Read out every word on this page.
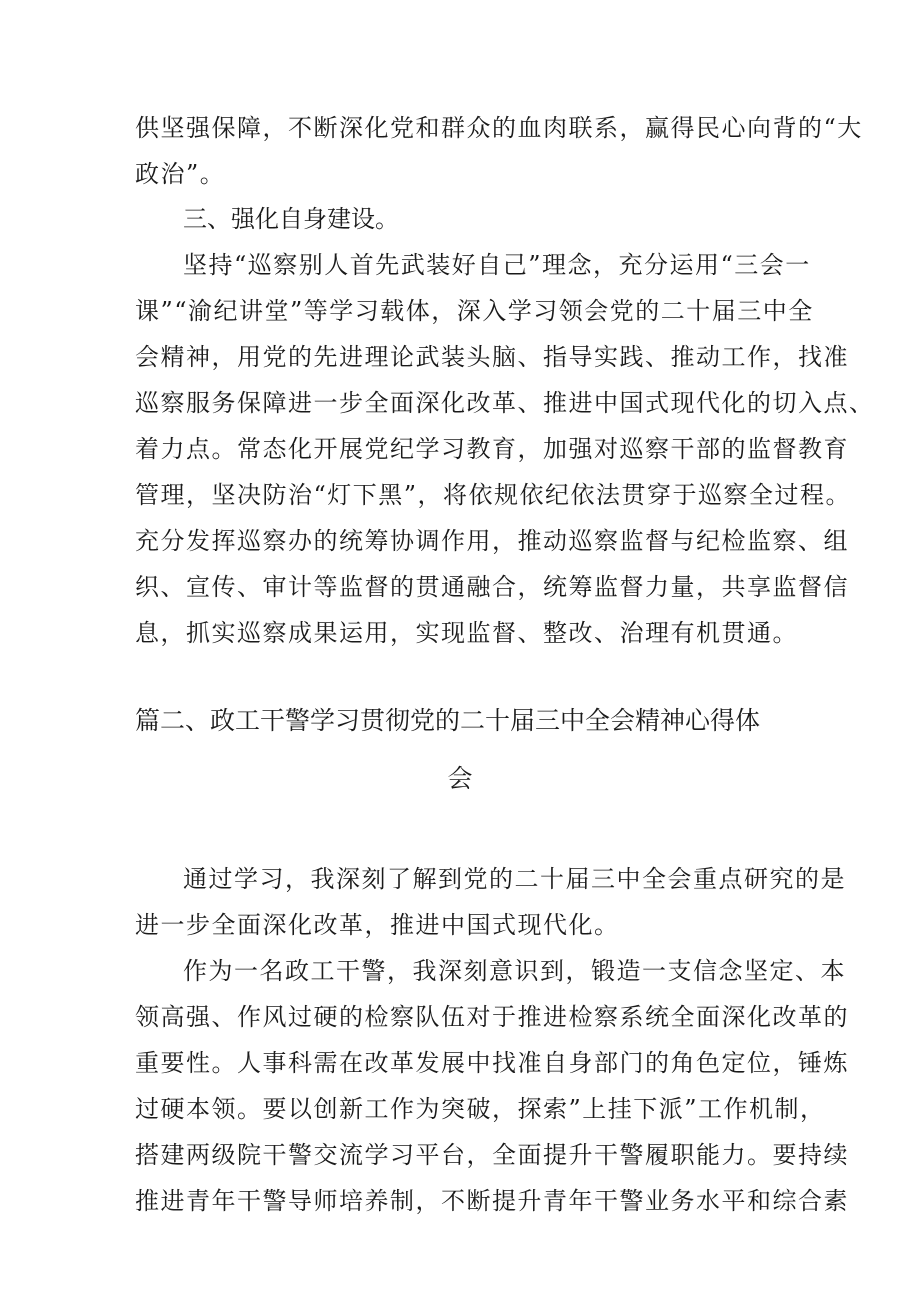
供坚强保障，不断深化党和群众的血肉联系，赢得民心向背的“大
政治”。
三、强化自身建设。
坚持“巡察别人首先武装好自己”理念，充分运用“三会一
课”“渝纪讲堂”等学习载体，深入学习领会党的二十届三中全
会精神，用党的先进理论武装头脑、指导实践、推动工作，找准
巡察服务保障进一步全面深化改革、推进中国式现代化的切入点、
着力点。常态化开展党纪学习教育，加强对巡察干部的监督教育
管理，坚决防治“灯下黑”，将依规依纪依法贯穿于巡察全过程。
充分发挥巡察办的统筹协调作用，推动巡察监督与纪检监察、组
织、宣传、审计等监督的贯通融合，统筹监督力量，共享监督信
息，抓实巡察成果运用，实现监督、整改、治理有机贯通。
篇二、政工干警学习贯彻党的二十届三中全会精神心得体
会
通过学习，我深刻了解到党的二十届三中全会重点研究的是
进一步全面深化改革，推进中国式现代化。
作为一名政工干警，我深刻意识到，锻造一支信念坚定、本
领高强、作风过硬的检察队伍对于推进检察系统全面深化改革的
重要性。人事科需在改革发展中找准自身部门的角色定位，锤炼
过硬本领。要以创新工作为突破，探索”上挂下派”工作机制，
搭建两级院干警交流学习平台，全面提升干警履职能力。要持续
推进青年干警导师培养制，不断提升青年干警业务水平和综合素
